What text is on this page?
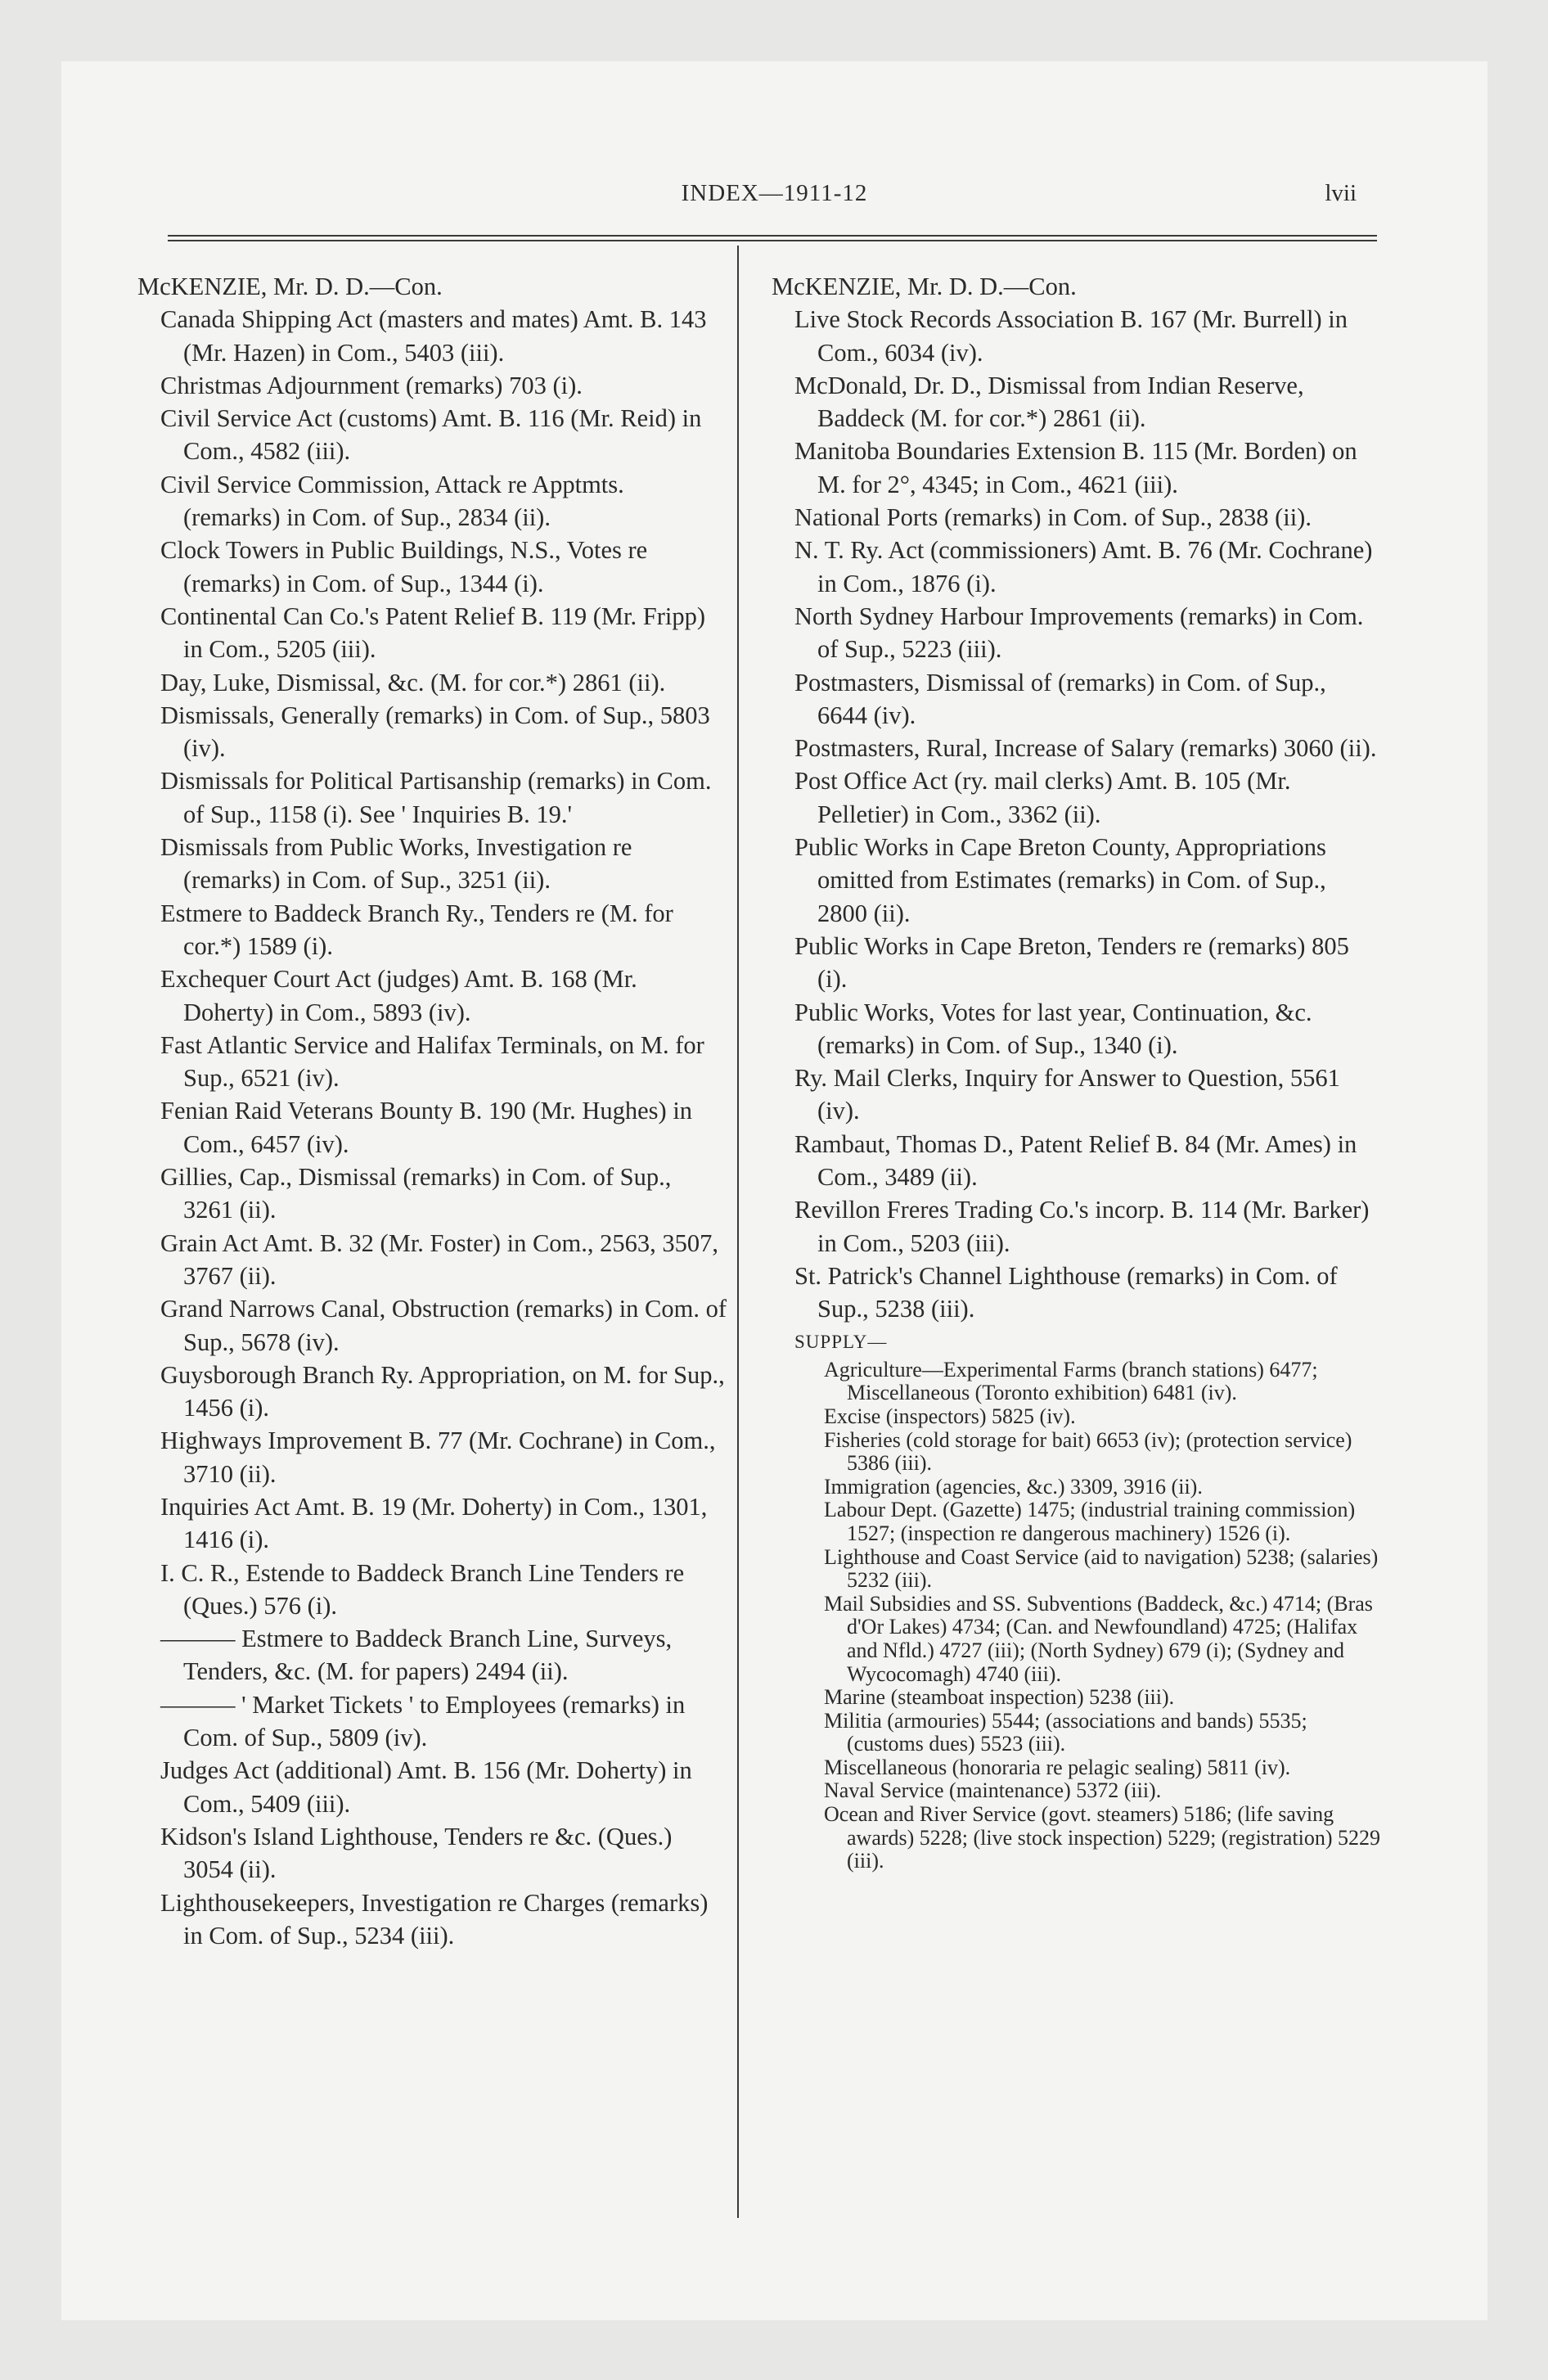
INDEX—1911-12	lvii
McKENZIE, Mr. D. D.—Con.
Canada Shipping Act (masters and mates) Amt. B. 143 (Mr. Hazen) in Com., 5403 (iii).
Christmas Adjournment (remarks) 703 (i).
Civil Service Act (customs) Amt. B. 116 (Mr. Reid) in Com., 4582 (iii).
Civil Service Commission, Attack re Apptmts. (remarks) in Com. of Sup., 2834 (ii).
Clock Towers in Public Buildings, N.S., Votes re (remarks) in Com. of Sup., 1344 (i).
Continental Can Co.'s Patent Relief B. 119 (Mr. Fripp) in Com., 5205 (iii).
Day, Luke, Dismissal, &c. (M. for cor.*) 2861 (ii).
Dismissals, Generally (remarks) in Com. of Sup., 5803 (iv).
Dismissals for Political Partisanship (remarks) in Com. of Sup., 1158 (i). See ' Inquiries B. 19.'
Dismissals from Public Works, Investigation re (remarks) in Com. of Sup., 3251 (ii).
Estmere to Baddeck Branch Ry., Tenders re (M. for cor.*) 1589 (i).
Exchequer Court Act (judges) Amt. B. 168 (Mr. Doherty) in Com., 5893 (iv).
Fast Atlantic Service and Halifax Terminals, on M. for Sup., 6521 (iv).
Fenian Raid Veterans Bounty B. 190 (Mr. Hughes) in Com., 6457 (iv).
Gillies, Cap., Dismissal (remarks) in Com. of Sup., 3261 (ii).
Grain Act Amt. B. 32 (Mr. Foster) in Com., 2563, 3507, 3767 (ii).
Grand Narrows Canal, Obstruction (remarks) in Com. of Sup., 5678 (iv).
Guysborough Branch Ry. Appropriation, on M. for Sup., 1456 (i).
Highways Improvement B. 77 (Mr. Cochrane) in Com., 3710 (ii).
Inquiries Act Amt. B. 19 (Mr. Doherty) in Com., 1301, 1416 (i).
I. C. R., Estende to Baddeck Branch Line Tenders re (Ques.) 576 (i).
——— Estmere to Baddeck Branch Line, Surveys, Tenders, &c. (M. for papers) 2494 (ii).
——— ' Market Tickets ' to Employees (remarks) in Com. of Sup., 5809 (iv).
Judges Act (additional) Amt. B. 156 (Mr. Doherty) in Com., 5409 (iii).
Kidson's Island Lighthouse, Tenders re &c. (Ques.) 3054 (ii).
Lighthousekeepers, Investigation re Charges (remarks) in Com. of Sup., 5234 (iii).
McKENZIE, Mr. D. D.—Con.
Live Stock Records Association B. 167 (Mr. Burrell) in Com., 6034 (iv).
McDonald, Dr. D., Dismissal from Indian Reserve, Baddeck (M. for cor.*) 2861 (ii).
Manitoba Boundaries Extension B. 115 (Mr. Borden) on M. for 2°, 4345; in Com., 4621 (iii).
National Ports (remarks) in Com. of Sup., 2838 (ii).
N. T. Ry. Act (commissioners) Amt. B. 76 (Mr. Cochrane) in Com., 1876 (i).
North Sydney Harbour Improvements (remarks) in Com. of Sup., 5223 (iii).
Postmasters, Dismissal of (remarks) in Com. of Sup., 6644 (iv).
Postmasters, Rural, Increase of Salary (remarks) 3060 (ii).
Post Office Act (ry. mail clerks) Amt. B. 105 (Mr. Pelletier) in Com., 3362 (ii).
Public Works in Cape Breton County, Appropriations omitted from Estimates (remarks) in Com. of Sup., 2800 (ii).
Public Works in Cape Breton, Tenders re (remarks) 805 (i).
Public Works, Votes for last year, Continuation, &c. (remarks) in Com. of Sup., 1340 (i).
Ry. Mail Clerks, Inquiry for Answer to Question, 5561 (iv).
Rambaut, Thomas D., Patent Relief B. 84 (Mr. Ames) in Com., 3489 (ii).
Revillon Freres Trading Co.'s incorp. B. 114 (Mr. Barker) in Com., 5203 (iii).
St. Patrick's Channel Lighthouse (remarks) in Com. of Sup., 5238 (iii).
SUPPLY—
Agriculture—Experimental Farms (branch stations) 6477; Miscellaneous (Toronto exhibition) 6481 (iv).
Excise (inspectors) 5825 (iv).
Fisheries (cold storage for bait) 6653 (iv); (protection service) 5386 (iii).
Immigration (agencies, &c.) 3309, 3916 (ii).
Labour Dept. (Gazette) 1475; (industrial training commission) 1527; (inspection re dangerous machinery) 1526 (i).
Lighthouse and Coast Service (aid to navigation) 5238; (salaries) 5232 (iii).
Mail Subsidies and SS. Subventions (Baddeck, &c.) 4714; (Bras d'Or Lakes) 4734; (Can. and Newfoundland) 4725; (Halifax and Nfld.) 4727 (iii); (North Sydney) 679 (i); (Sydney and Wycocomagh) 4740 (iii).
Marine (steamboat inspection) 5238 (iii).
Militia (armouries) 5544; (associations and bands) 5535; (customs dues) 5523 (iii).
Miscellaneous (honoraria re pelagic sealing) 5811 (iv).
Naval Service (maintenance) 5372 (iii).
Ocean and River Service (govt. steamers) 5186; (life saving awards) 5228; (live stock inspection) 5229; (registration) 5229 (iii).
